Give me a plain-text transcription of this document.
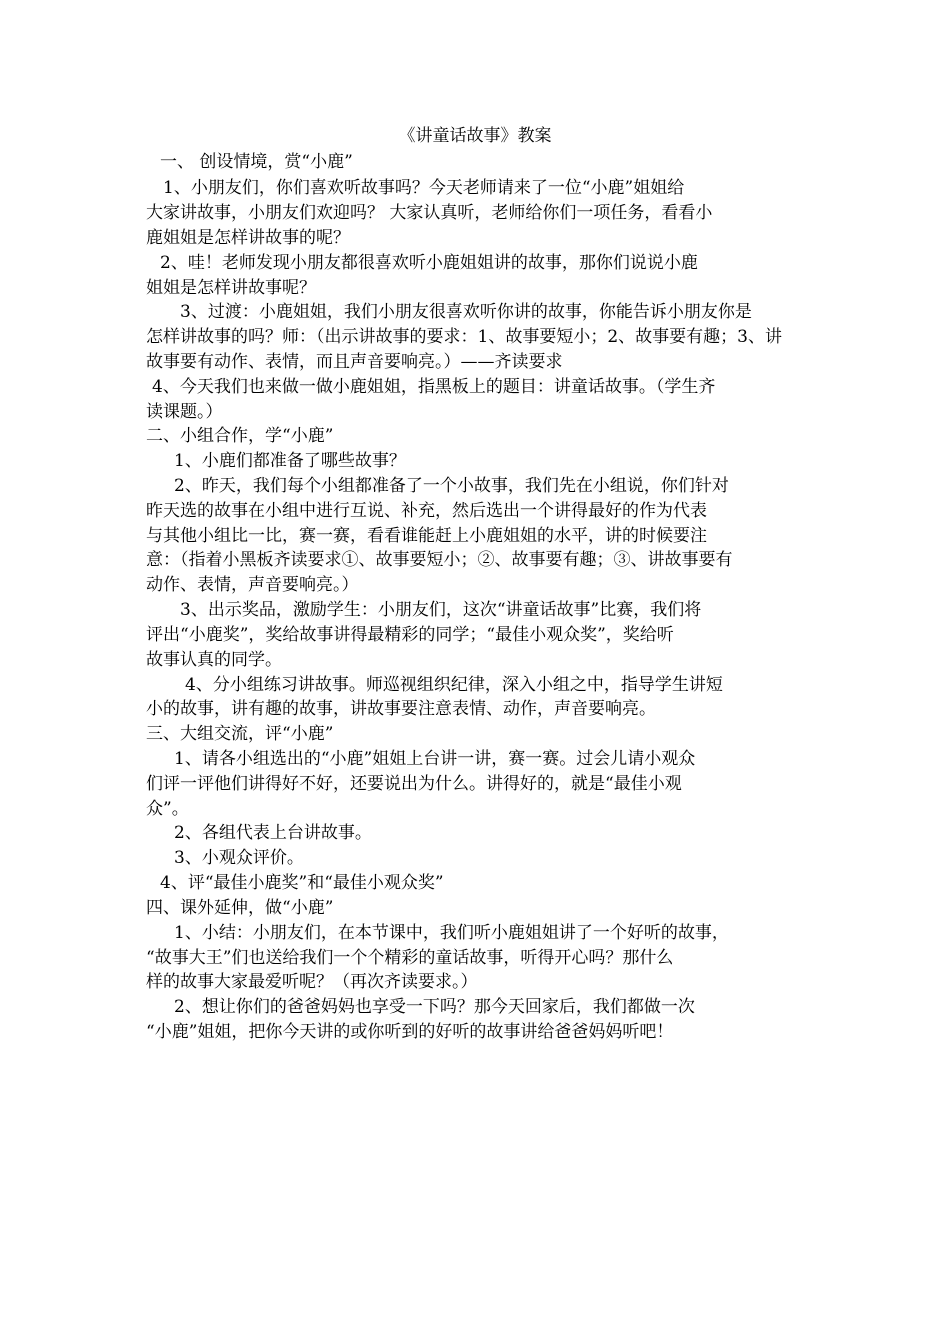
《讲童话故事》教案
一、 创设情境，赏“小鹿”
1、小朋友们，你们喜欢听故事吗？今天老师请来了一位“小鹿”姐姐给
大家讲故事，小朋友们欢迎吗？ 大家认真听，老师给你们一项任务，看看小
鹿姐姐是怎样讲故事的呢？
2、哇！老师发现小朋友都很喜欢听小鹿姐姐讲的故事，那你们说说小鹿
姐姐是怎样讲故事呢？
3、过渡：小鹿姐姐，我们小朋友很喜欢听你讲的故事，你能告诉小朋友你是
怎样讲故事的吗？师：（出示讲故事的要求：1、故事要短小；2、故事要有趣；3、讲
故事要有动作、表情，而且声音要响亮。）——齐读要求
4、今天我们也来做一做小鹿姐姐，指黑板上的题目：讲童话故事。（学生齐
读课题。）
二、小组合作，学“小鹿”
1、小鹿们都准备了哪些故事？
2、昨天，我们每个小组都准备了一个小故事，我们先在小组说，你们针对
昨天选的故事在小组中进行互说、补充，然后选出一个讲得最好的作为代表
与其他小组比一比，赛一赛，看看谁能赶上小鹿姐姐的水平，讲的时候要注
意：（指着小黑板齐读要求①、故事要短小；②、故事要有趣；③、讲故事要有
动作、表情，声音要响亮。）
3、出示奖品，激励学生：小朋友们，这次“讲童话故事”比赛，我们将
评出“小鹿奖”，奖给故事讲得最精彩的同学；“最佳小观众奖”，奖给听
故事认真的同学。
4、分小组练习讲故事。师巡视组织纪律，深入小组之中，指导学生讲短
小的故事，讲有趣的故事，讲故事要注意表情、动作，声音要响亮。
三、大组交流，评“小鹿”
1、请各小组选出的“小鹿”姐姐上台讲一讲，赛一赛。过会儿请小观众
们评一评他们讲得好不好，还要说出为什么。讲得好的，就是“最佳小观
众”。
2、各组代表上台讲故事。
3、小观众评价。
4、评“最佳小鹿奖”和“最佳小观众奖”
四、课外延伸，做“小鹿”
1、小结：小朋友们，在本节课中，我们听小鹿姐姐讲了一个好听的故事，
“故事大王”们也送给我们一个个精彩的童话故事，听得开心吗？那什么
样的故事大家最爱听呢？（再次齐读要求。）
2、想让你们的爸爸妈妈也享受一下吗？那今天回家后，我们都做一次
“小鹿”姐姐，把你今天讲的或你听到的好听的故事讲给爸爸妈妈听吧！
